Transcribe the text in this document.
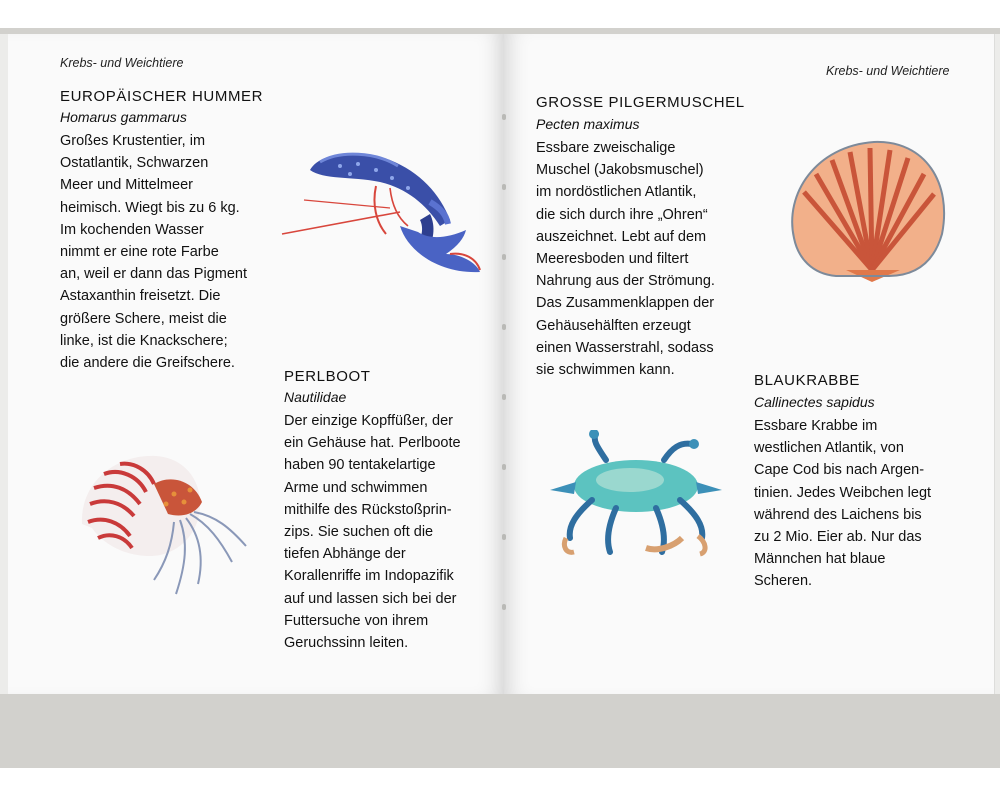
Krebs- und Weichtiere
EUROPÄISCHER HUMMER
Homarus gammarus
Großes Krustentier, im
Ostatlantik, Schwarzen
Meer und Mittelmeer
heimisch. Wiegt bis zu 6 kg.
Im kochenden Wasser
nimmt er eine rote Farbe
an, weil er dann das Pigment
Astaxanthin freisetzt. Die
größere Schere, meist die
linke, ist die Knackschere;
die andere die Greifschere.
PERLBOOT
Nautilidae
Der einzige Kopffüßer, der
ein Gehäuse hat. Perlboote
haben 90 tentakelartige
Arme und schwimmen
mithilfe des Rückstoßprin-
zips. Sie suchen oft die
tiefen Abhänge der
Korallenriffe im Indopazifik
auf und lassen sich bei der
Futtersuche von ihrem
Geruchssinn leiten.
Krebs- und Weichtiere
GROSSE PILGERMUSCHEL
Pecten maximus
Essbare zweischalige
Muschel (Jakobsmuschel)
im nordöstlichen Atlantik,
die sich durch ihre „Ohren“
auszeichnet. Lebt auf dem
Meeresboden und filtert
Nahrung aus der Strömung.
Das Zusammenklappen der
Gehäusehälften erzeugt
einen Wasserstrahl, sodass
sie schwimmen kann.
BLAUKRABBE
Callinectes sapidus
Essbare Krabbe im
westlichen Atlantik, von
Cape Cod bis nach Argen-
tinien. Jedes Weibchen legt
während des Laichens bis
zu 2 Mio. Eier ab. Nur das
Männchen hat blaue
Scheren.
